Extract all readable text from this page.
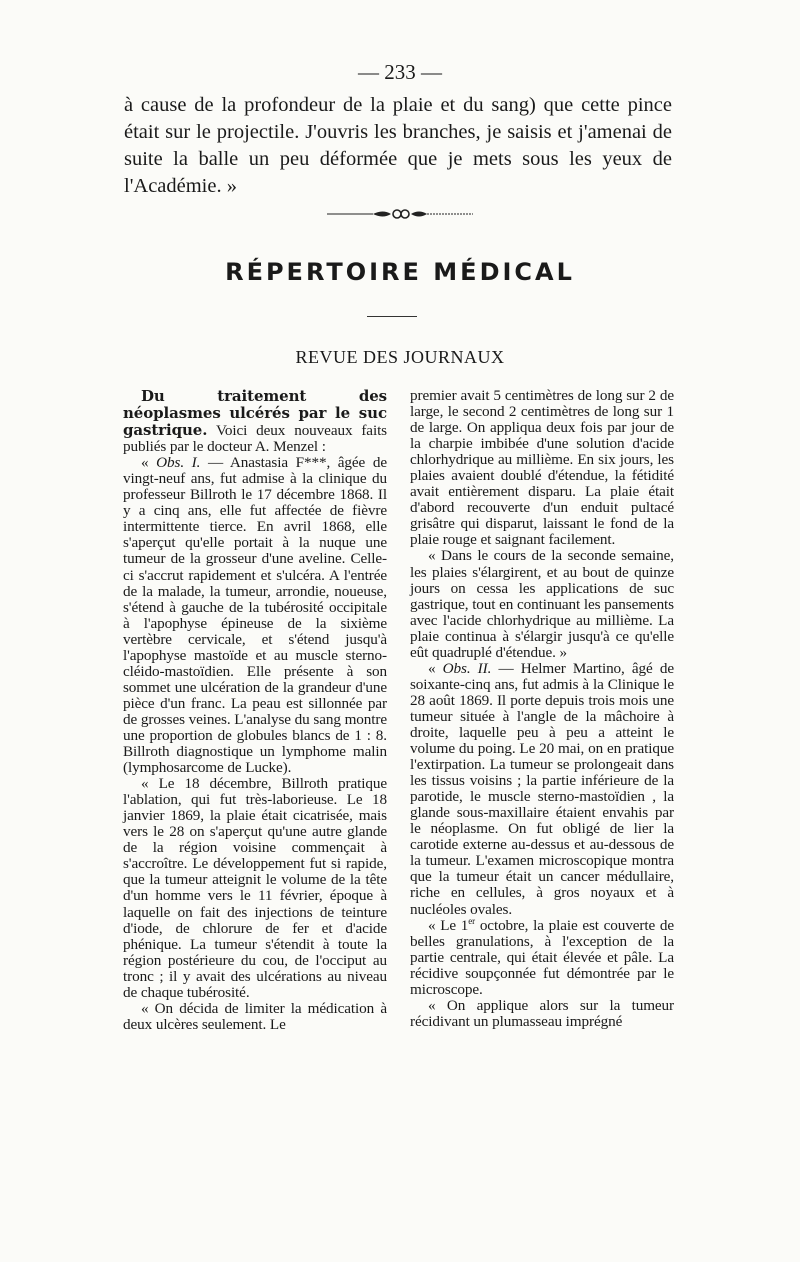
— 233 —

à cause de la profondeur de la plaie et du sang) que cette pince était sur le projectile. J'ouvris les branches, je saisis et j'amenai de suite la balle un peu déformée que je mets sous les yeux de l'Académie. »

RÉPERTOIRE MÉDICAL
REVUE DES JOURNAUX

Du traitement des néoplasmes ulcérés par le suc gastrique. Voici deux nouveaux faits publiés par le docteur A. Menzel :

« Obs. I. — Anastasia F***, âgée de vingt-neuf ans, fut admise à la clinique du professeur Billroth le 17 décembre 1868. Il y a cinq ans, elle fut affectée de fièvre intermittente tierce. En avril 1868, elle s'aperçut qu'elle portait à la nuque une tumeur de la grosseur d'une aveline. Celle-ci s'accrut rapidement et s'ulcéra. A l'entrée de la malade, la tumeur, arrondie, noueuse, s'étend à gauche de la tubérosité occipitale à l'apophyse épineuse de la sixième vertèbre cervicale, et s'étend jusqu'à l'apophyse mastoïde et au muscle sterno-cléido-mastoïdien. Elle présente à son sommet une ulcération de la grandeur d'une pièce d'un franc. La peau est sillonnée par de grosses veines. L'analyse du sang montre une proportion de globules blancs de 1 : 8. Billroth diagnostique un lymphome malin (lymphosarcome de Lucke).

« Le 18 décembre, Billroth pratique l'ablation, qui fut très-laborieuse. Le 18 janvier 1869, la plaie était cicatrisée, mais vers le 28 on s'aperçut qu'une autre glande de la région voisine commençait à s'accroître. Le développement fut si rapide, que la tumeur atteignit le volume de la tête d'un homme vers le 11 février, époque à laquelle on fait des injections de teinture d'iode, de chlorure de fer et d'acide phénique. La tumeur s'étendit à toute la région postérieure du cou, de l'occiput au tronc ; il y avait des ulcérations au niveau de chaque tubérosité.

« On décida de limiter la médication à deux ulcères seulement. Le

premier avait 5 centimètres de long sur 2 de large, le second 2 centimètres de long sur 1 de large. On appliqua deux fois par jour de la charpie imbibée d'une solution d'acide chlorhydrique au millième. En six jours, les plaies avaient doublé d'étendue, la fétidité avait entièrement disparu. La plaie était d'abord recouverte d'un enduit pultacé grisâtre qui disparut, laissant le fond de la plaie rouge et saignant facilement.

« Dans le cours de la seconde semaine, les plaies s'élargirent, et au bout de quinze jours on cessa les applications de suc gastrique, tout en continuant les pansements avec l'acide chlorhydrique au millième. La plaie continua à s'élargir jusqu'à ce qu'elle eût quadruplé d'étendue. »

« Obs. II. — Helmer Martino, âgé de soixante-cinq ans, fut admis à la Clinique le 28 août 1869. Il porte depuis trois mois une tumeur située à l'angle de la mâchoire à droite, laquelle peu à peu a atteint le volume du poing. Le 20 mai, on en pratique l'extirpation. La tumeur se prolongeait dans les tissus voisins ; la partie inférieure de la parotide, le muscle sterno-mastoïdien , la glande sous-maxillaire étaient envahis par le néoplasme. On fut obligé de lier la carotide externe au-dessus et au-dessous de la tumeur. L'examen microscopique montra que la tumeur était un cancer médullaire, riche en cellules, à gros noyaux et à nucléoles ovales.

« Le 1er octobre, la plaie est couverte de belles granulations, à l'exception de la partie centrale, qui était élevée et pâle. La récidive soupçonnée fut démontrée par le microscope.

« On applique alors sur la tumeur récidivant un plumasseau imprégné
